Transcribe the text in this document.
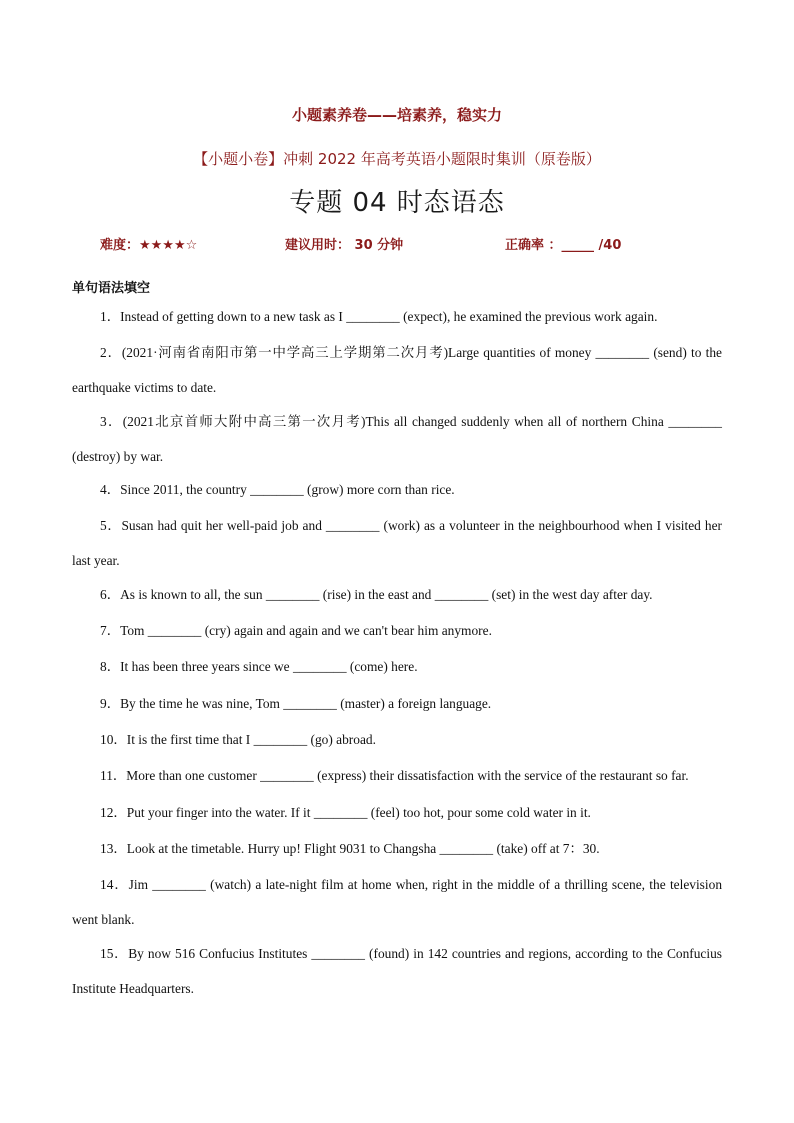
小题素养卷——培素养，稳实力
【小题小卷】冲刺 2022 年高考英语小题限时集训（原卷版）
专题 04 时态语态
难度：★★★★☆	建议用时： 30 分钟	正确率 ：_____ /40
单句语法填空
1．Instead of getting down to a new task as I ________ (expect), he examined the previous work again.
2．(2021·河南省南阳市第一中学高三上学期第二次月考)Large quantities of money ________ (send) to the earthquake victims to date.
3．(2021北京首师大附中高三第一次月考)This all changed suddenly when all of northern China ________ (destroy) by war.
4．Since 2011, the country ________ (grow) more corn than rice.
5．Susan had quit her well-paid job and ________ (work) as a volunteer in the neighbourhood when I visited her last year.
6．As is known to all, the sun ________ (rise) in the east and ________ (set) in the west day after day.
7．Tom ________ (cry) again and again and we can't bear him anymore.
8．It has been three years since we ________ (come) here.
9．By the time he was nine, Tom ________ (master) a foreign language.
10．It is the first time that I ________ (go) abroad.
11．More than one customer ________ (express) their dissatisfaction with the service of the restaurant so far.
12．Put your finger into the water. If it ________ (feel) too hot, pour some cold water in it.
13．Look at the timetable. Hurry up! Flight 9031 to Changsha ________ (take) off at 7：30.
14．Jim ________ (watch) a late-night film at home when, right in the middle of a thrilling scene, the television went blank.
15．By now 516 Confucius Institutes ________ (found) in 142 countries and regions, according to the Confucius Institute Headquarters.
